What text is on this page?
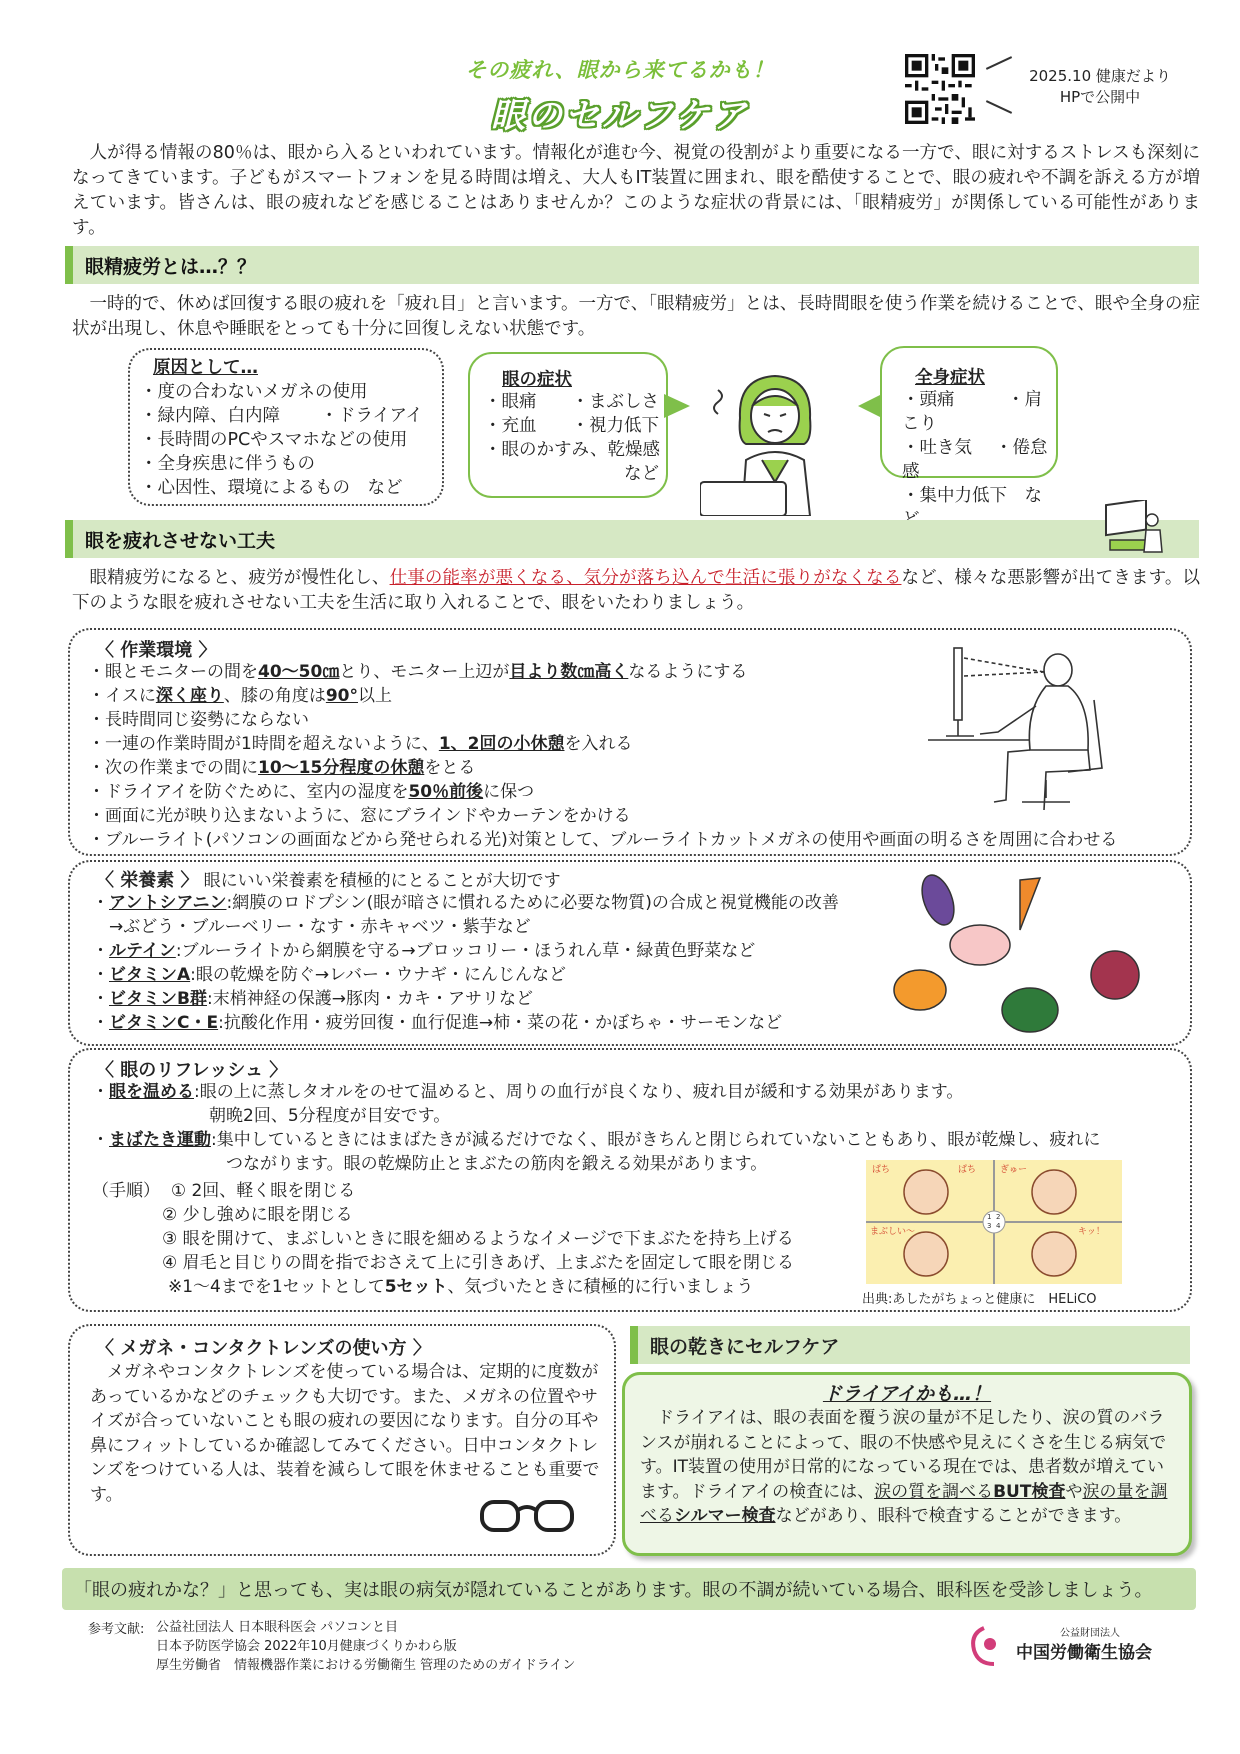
その疲れ、眼から来てるかも！
眼のセルフケア
2025.10 健康だより
HPで公開中

人が得る情報の80％は、眼から入るといわれています。情報化が進む今、視覚の役割がより重要になる一方で、眼に対するストレスも深刻になってきています。子どもがスマートフォンを見る時間は増え、大人もIT装置に囲まれ、眼を酷使することで、眼の疲れや不調を訴える方が増えています。皆さんは、眼の疲れなどを感じることはありませんか？このような症状の背景には、「眼精疲労」が関係している可能性があります。

眼精疲労とは…？？

一時的で、休めば回復する眼の疲れを「疲れ目」と言います。一方で、「眼精疲労」とは、長時間眼を使う作業を続けることで、眼や全身の症状が出現し、休息や睡眠をとっても十分に回復しえない状態です。

原因として…
・度の合わないメガネの使用
・緑内障、白内障　　 ・ドライアイ
・長時間のPCやスマホなどの使用
・全身疾患に伴うもの
・心因性、環境によるもの　など
眼の症状
・眼痛　　・まぶしさ
・充血　　・視力低下
・眼のかすみ、乾燥感
　　　　　　　　など
全身症状
・頭痛　　　・肩こり
・吐き気　 ・倦怠感
・集中力低下　な
眼を疲れさせない工夫

眼精疲労になると、疲労が慢性化し、仕事の能率が悪くなる、気分が落ち込んで生活に張りがなくなるなど、様々な悪影響が出てきます。以下のような眼を疲れさせない工夫を生活に取り入れることで、眼をいたわりましょう。

〈 作業環境 〉
・眼とモニターの間を40～50㎝とり、モニター上辺が目より数㎝高くなるようにする
・イスに深く座り、膝の角度は90°以上
・長時間同じ姿勢にならない
・一連の作業時間が1時間を超えないように、1、2回の小休憩を入れる
・次の作業までの間に10～15分程度の休憩をとる
・ドライアイを防ぐために、室内の湿度を50％前後に保つ
・画面に光が映り込まないように、窓にブラインドやカーテンをかける
・ブルーライト(パソコンの画面などから発せられる光)対策として、ブルーライトカットメガネの使用や画面の明るさを周囲に合わせる
〈 栄養素 〉 眼にいい栄養素を積極的にとることが大切です
・アントシアニン:網膜のロドプシン(眼が暗さに慣れるために必要な物質)の合成と視覚機能の改善
　→ぶどう・ブルーベリー・なす・赤キャベツ・紫芋など
・ルテイン:ブルーライトから網膜を守る→ブロッコリー・ほうれん草・緑黄色野菜など
・ビタミンA:眼の乾燥を防ぐ→レバー・ウナギ・にんじんなど
・ビタミンB群:末梢神経の保護→豚肉・カキ・アサリなど
・ビタミンC・E:抗酸化作用・疲労回復・血行促進→柿・菜の花・かぼちゃ・サーモンなど
〈 眼のリフレッシュ 〉
・眼を温める:眼の上に蒸しタオルをのせて温めると、周りの血行が良くなり、疲れ目が緩和する効果があります。
朝晩2回、5分程度が目安です。
・まばたき運動:集中しているときにはまばたきが減るだけでなく、眼がきちんと閉じられていないこともあり、眼が乾燥し、疲れに
つながります。眼の乾燥防止とまぶたの筋肉を鍛える効果があります。
（手順） ① 2回、軽く眼を閉じる
② 少し強めに眼を閉じる
③ 眼を開けて、まぶしいときに眼を細めるようなイメージで下まぶたを持ち上げる
④ 眉毛と目じりの間を指でおさえて上に引きあげ、上まぶたを固定して眼を閉じる
※1～4までを1セットとして5セット、気づいたときに積極的に行いましょう
ぱち	ぱち	ぎゅー
まぶしい〜	キッ！
1 2
3 4
出典:あしたがちょっと健康に　HELiCO
〈 メガネ・コンタクトレンズの使い方 〉

メガネやコンタクトレンズを使っている場合は、定期的に度数があっているかなどのチェックも大切です。また、メガネの位置やサイズが合っていないことも眼の疲れの要因になります。自分の耳や鼻にフィットしているか確認してみてください。日中コンタクトレンズをつけている人は、装着を減らして眼を休ませることも重要です。

眼の乾きにセルフケア
ドライアイかも…！

ドライアイは、眼の表面を覆う涙の量が不足したり、涙の質のバランスが崩れることによって、眼の不快感や見えにくさを生じる病気です。IT装置の使用が日常的になっている現在では、患者数が増えています。ドライアイの検査には、涙の質を調べるBUT検査や涙の量を調べるシルマー検査などがあり、眼科で検査することができます。

「眼の疲れかな？」と思っても、実は眼の病気が隠れていることがあります。眼の不調が続いている場合、眼科医を受診しましょう。
参考文献: 公益社団法人 日本眼科医会 パソコンと目
日本予防医学協会 2022年10月健康づくりかわら版
厚生労働省　情報機器作業における労働衛生 管理のためのガイドライン
公益財団法人
中国労働衛生協会
